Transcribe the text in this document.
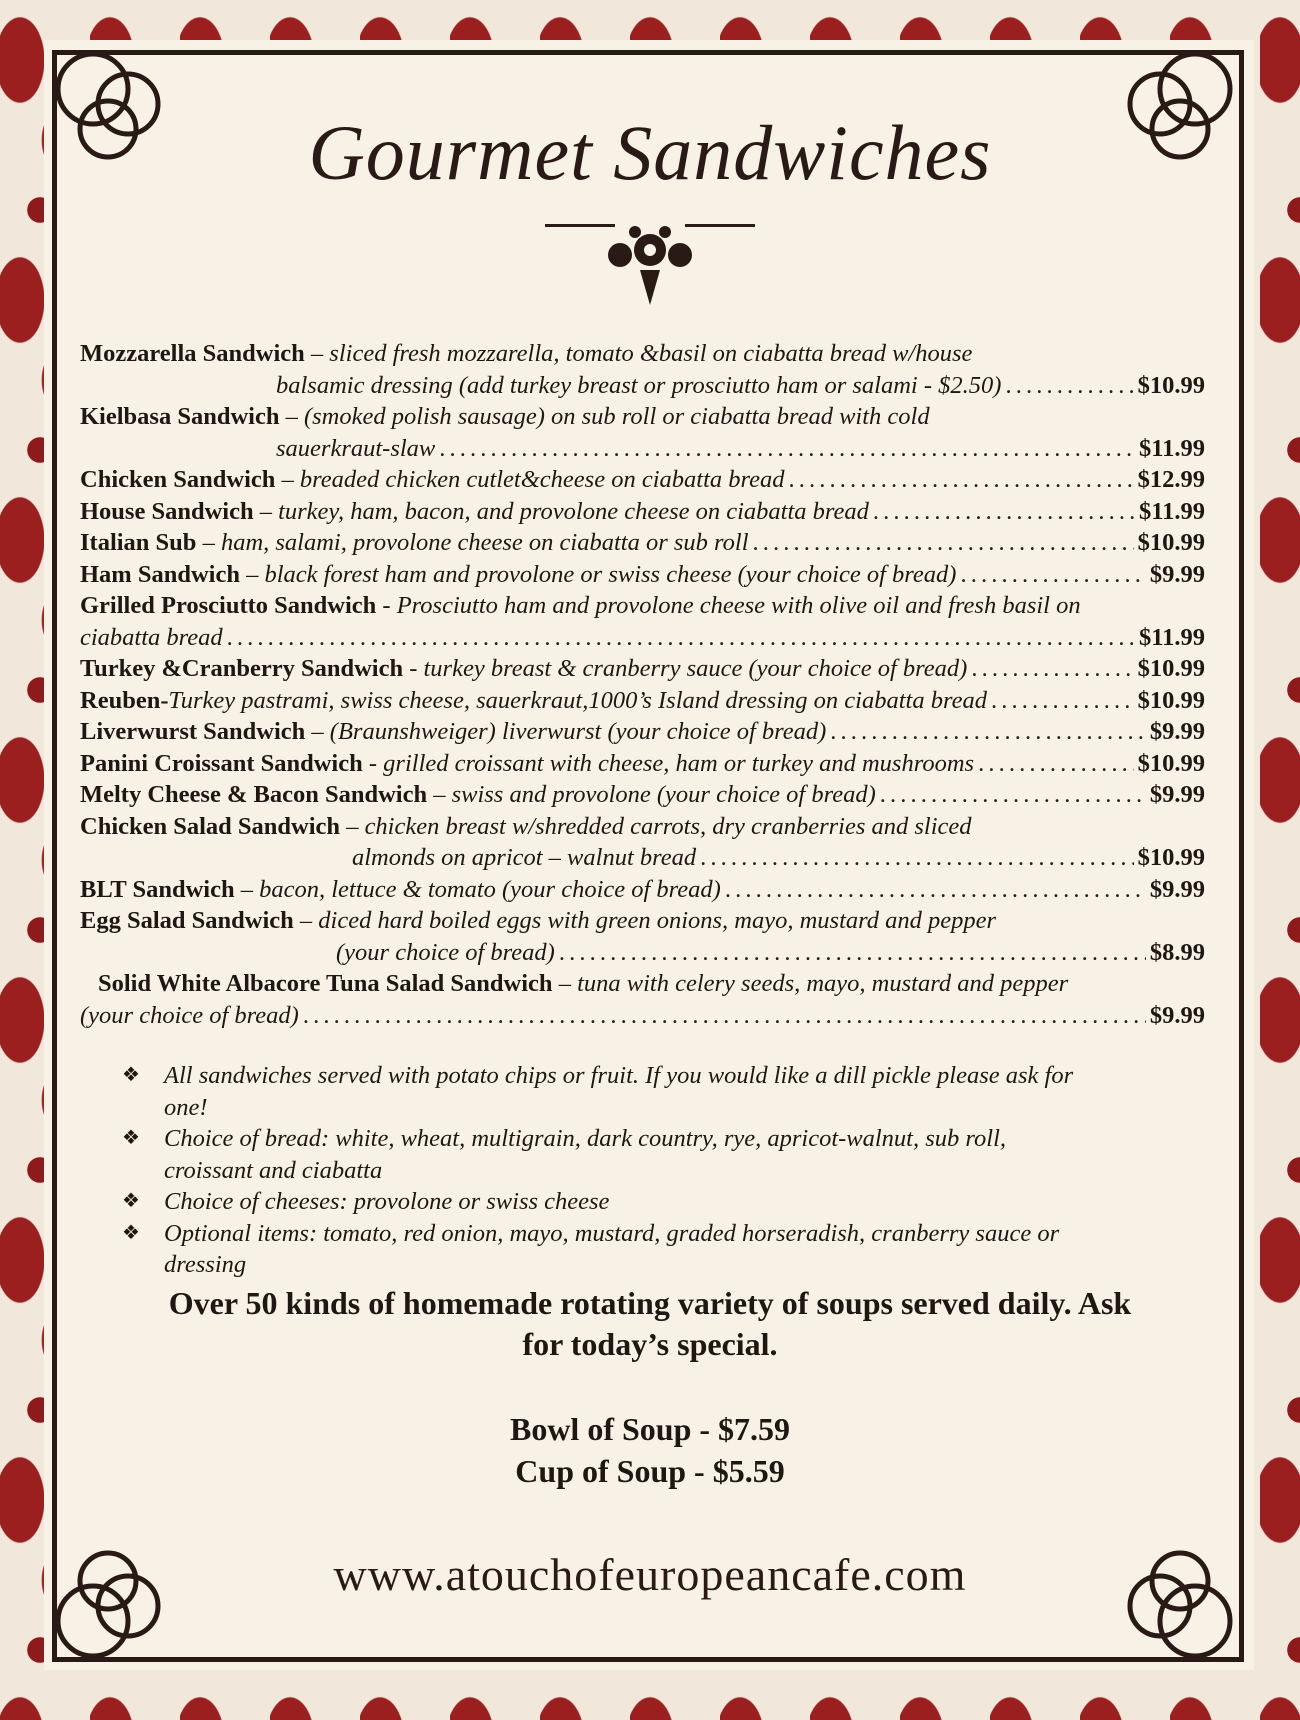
Gourmet Sandwiches
Mozzarella Sandwich – sliced fresh mozzarella, tomato &basil on ciabatta bread w/house
balsamic dressing (add turkey breast or prosciutto ham or salami - $2.50) . . .	$10.99
Kielbasa Sandwich – (smoked polish sausage) on sub roll or ciabatta bread with cold
sauerkraut-slaw . . .	$11.99
Chicken Sandwich – breaded chicken cutlet&cheese on ciabatta bread . . .	$12.99
House Sandwich – turkey, ham, bacon, and provolone cheese on ciabatta bread . . .	$11.99
Italian Sub – ham, salami, provolone cheese on ciabatta or sub roll . . .	$10.99
Ham Sandwich – black forest ham and provolone or swiss cheese (your choice of bread) . . .	$9.99
Grilled Prosciutto Sandwich - Prosciutto ham and provolone cheese with olive oil and fresh basil on
ciabatta bread . . .	$11.99
Turkey &Cranberry Sandwich - turkey breast & cranberry sauce (your choice of bread) . . .	$10.99
Reuben- Turkey pastrami, swiss cheese, sauerkraut,1000’s Island dressing on ciabatta bread . . .	$10.99
Liverwurst Sandwich – (Braunshweiger) liverwurst (your choice of bread) . . .	$9.99
Panini Croissant Sandwich - grilled croissant with cheese, ham or turkey and mushrooms . . .	$10.99
Melty Cheese & Bacon Sandwich – swiss and provolone (your choice of bread) . . .	$9.99
Chicken Salad Sandwich – chicken breast w/shredded carrots, dry cranberries and sliced
almonds on apricot – walnut bread . . .	$10.99
BLT Sandwich – bacon, lettuce & tomato (your choice of bread) . . .	$9.99
Egg Salad Sandwich – diced hard boiled eggs with green onions, mayo, mustard and pepper
(your choice of bread) . . .	$8.99
Solid White Albacore Tuna Salad Sandwich – tuna with celery seeds, mayo, mustard and pepper
(your choice of bread) . . .	$9.99
❖ All sandwiches served with potato chips or fruit. If you would like a dill pickle please ask for
one!
❖ Choice of bread: white, wheat, multigrain, dark country, rye, apricot-walnut, sub roll,
croissant and ciabatta
❖ Choice of cheeses: provolone or swiss cheese
❖ Optional items: tomato, red onion, mayo, mustard, graded horseradish, cranberry sauce or
dressing
Over 50 kinds of homemade rotating variety of soups served daily. Ask
for today’s special.
Bowl of Soup - $7.59
Cup of Soup - $5.59
www.atouchofeuropeancafe.com
